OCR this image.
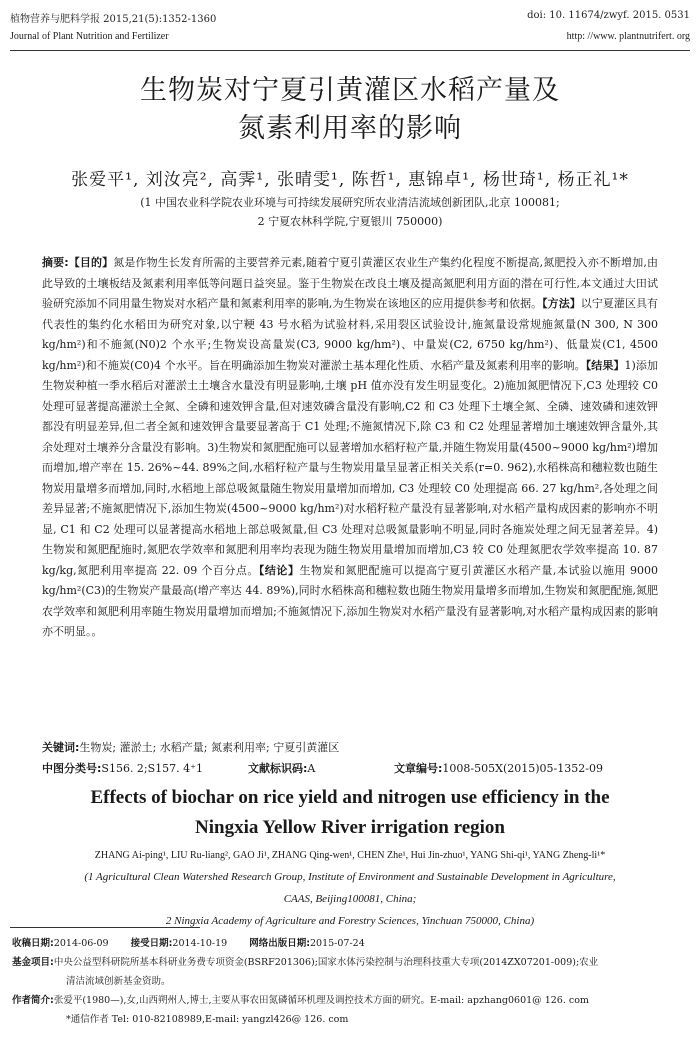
植物营养与肥料学报 2015,21(5):1352-1360	doi: 10. 11674/zwyf. 2015. 0531
Journal of Plant Nutrition and Fertilizer	http: //www. plantnutrifert. org
生物炭对宁夏引黄灌区水稻产量及
氮素利用率的影响
张爱平¹, 刘汝亮², 高霁¹, 张晴雯¹, 陈哲¹, 惠锦卓¹, 杨世琦¹, 杨正礼¹*
(1 中国农业科学院农业环境与可持续发展研究所农业清洁流域创新团队,北京 100081;
2 宁夏农林科学院,宁夏银川 750000)
摘要:【目的】氮是作物生长发育所需的主要营养元素,随着宁夏引黄灌区农业生产集约化程度不断提高,氮肥投入亦不断增加,由此导致的土壤板结及氮素利用率低等问题日益突显。鉴于生物炭在改良土壤及提高氮肥利用方面的潜在可行性,本文通过大田试验研究添加不同用量生物炭对水稻产量和氮素利用率的影响,为生物炭在该地区的应用提供参考和依据。【方法】以宁夏灌区具有代表性的集约化水稻田为研究对象,以宁粳 43 号水稻为试验材料,采用裂区试验设计,施氮量设常规施氮量(N 300, N 300 kg/hm²)和不施氮(N0)2 个水平;生物炭设高量炭(C3, 9000 kg/hm²)、中量炭(C2, 6750 kg/hm²)、低量炭(C1, 4500 kg/hm²)和不施炭(C0)4 个水平。旨在明确添加生物炭对灌淤土基本理化性质、水稻产量及氮素利用率的影响。【结果】1)添加生物炭种植一季水稻后对灌淤土土壤含水量没有明显影响,土壤 pH 值亦没有发生明显变化。2)施加氮肥情况下,C3 处理较 C0 处理可显著提高灌淤土全氮、全磷和速效钾含量,但对速效磷含量没有影响,C2 和 C3 处理下土壤全氮、全磷、速效磷和速效钾都没有明显差异,但二者全氮和速效钾含量要显著高于 C1 处理;不施氮情况下,除 C3 和 C2 处理显著增加土壤速效钾含量外,其余处理对土壤养分含量没有影响。3)生物炭和氮肥配施可以显著增加水稻籽粒产量,并随生物炭用量(4500~9000 kg/hm²)增加而增加,增产率在 15. 26%~44. 89%之间,水稻籽粒产量与生物炭用量呈显著正相关关系(r=0. 962),水稻株高和穗粒数也随生物炭用量增多而增加,同时,水稻地上部总吸氮量随生物炭用量增加而增加, C3 处理较 C0 处理提高 66. 27 kg/hm²,各处理之间差异显著;不施氮肥情况下,添加生物炭(4500~9000 kg/hm²)对水稻籽粒产量没有显著影响,对水稻产量构成因素的影响亦不明显, C1 和 C2 处理可以显著提高水稻地上部总吸氮量,但 C3 处理对总吸氮量影响不明显,同时各施炭处理之间无显著差异。4)生物炭和氮肥配施时,氮肥农学效率和氮肥利用率均表现为随生物炭用量增加而增加,C3 较 C0 处理氮肥农学效率提高 10. 87 kg/kg,氮肥利用率提高 22. 09 个百分点。【结论】生物炭和氮肥配施可以提高宁夏引黄灌区水稻产量,本试验以施用 9000 kg/hm²(C3)的生物炭产量最高(增产率达 44. 89%),同时水稻株高和穗粒数也随生物炭用量增多而增加,生物炭和氮肥配施,氮肥农学效率和氮肥利用率随生物炭用量增加而增加;不施氮情况下,添加生物炭对水稻产量没有显著影响,对水稻产量构成因素的影响亦不明显。。
关键词:生物炭; 灌淤土; 水稻产量; 氮素利用率; 宁夏引黄灌区
中图分类号:S156. 2;S157. 4⁺1	文献标识码:A	文章编号:1008-505X(2015)05-1352-09
Effects of biochar on rice yield and nitrogen use efficiency in the
Ningxia Yellow River irrigation region
ZHANG Ai-ping¹, LIU Ru-liang², GAO Ji¹, ZHANG Qing-wen¹, CHEN Zhe¹, Hui Jin-zhuo¹, YANG Shi-qi¹, YANG Zheng-li¹*
(1 Agricultural Clean Watershed Research Group, Institute of Environment and Sustainable Development in Agriculture,
CAAS, Beijing100081, China;
2 Ningxia Academy of Agriculture and Forestry Sciences, Yinchuan 750000, China)
收稿日期:2014-06-09 接受日期:2014-10-19 网络出版日期:2015-07-24
基金项目:中央公益型科研院所基本科研业务费专项资金(BSRF201306);国家水体污染控制与治理科技重大专项(2014ZX07201-009);农业
清洁流域创新基金资助。
作者简介:张爱平(1980—),女,山西朔州人,博士,主要从事农田氮磷循环机理及调控技术方面的研究。E-mail: apzhang0601@ 126. com
*通信作者 Tel: 010-82108989,E-mail: yangzl426@ 126. com
